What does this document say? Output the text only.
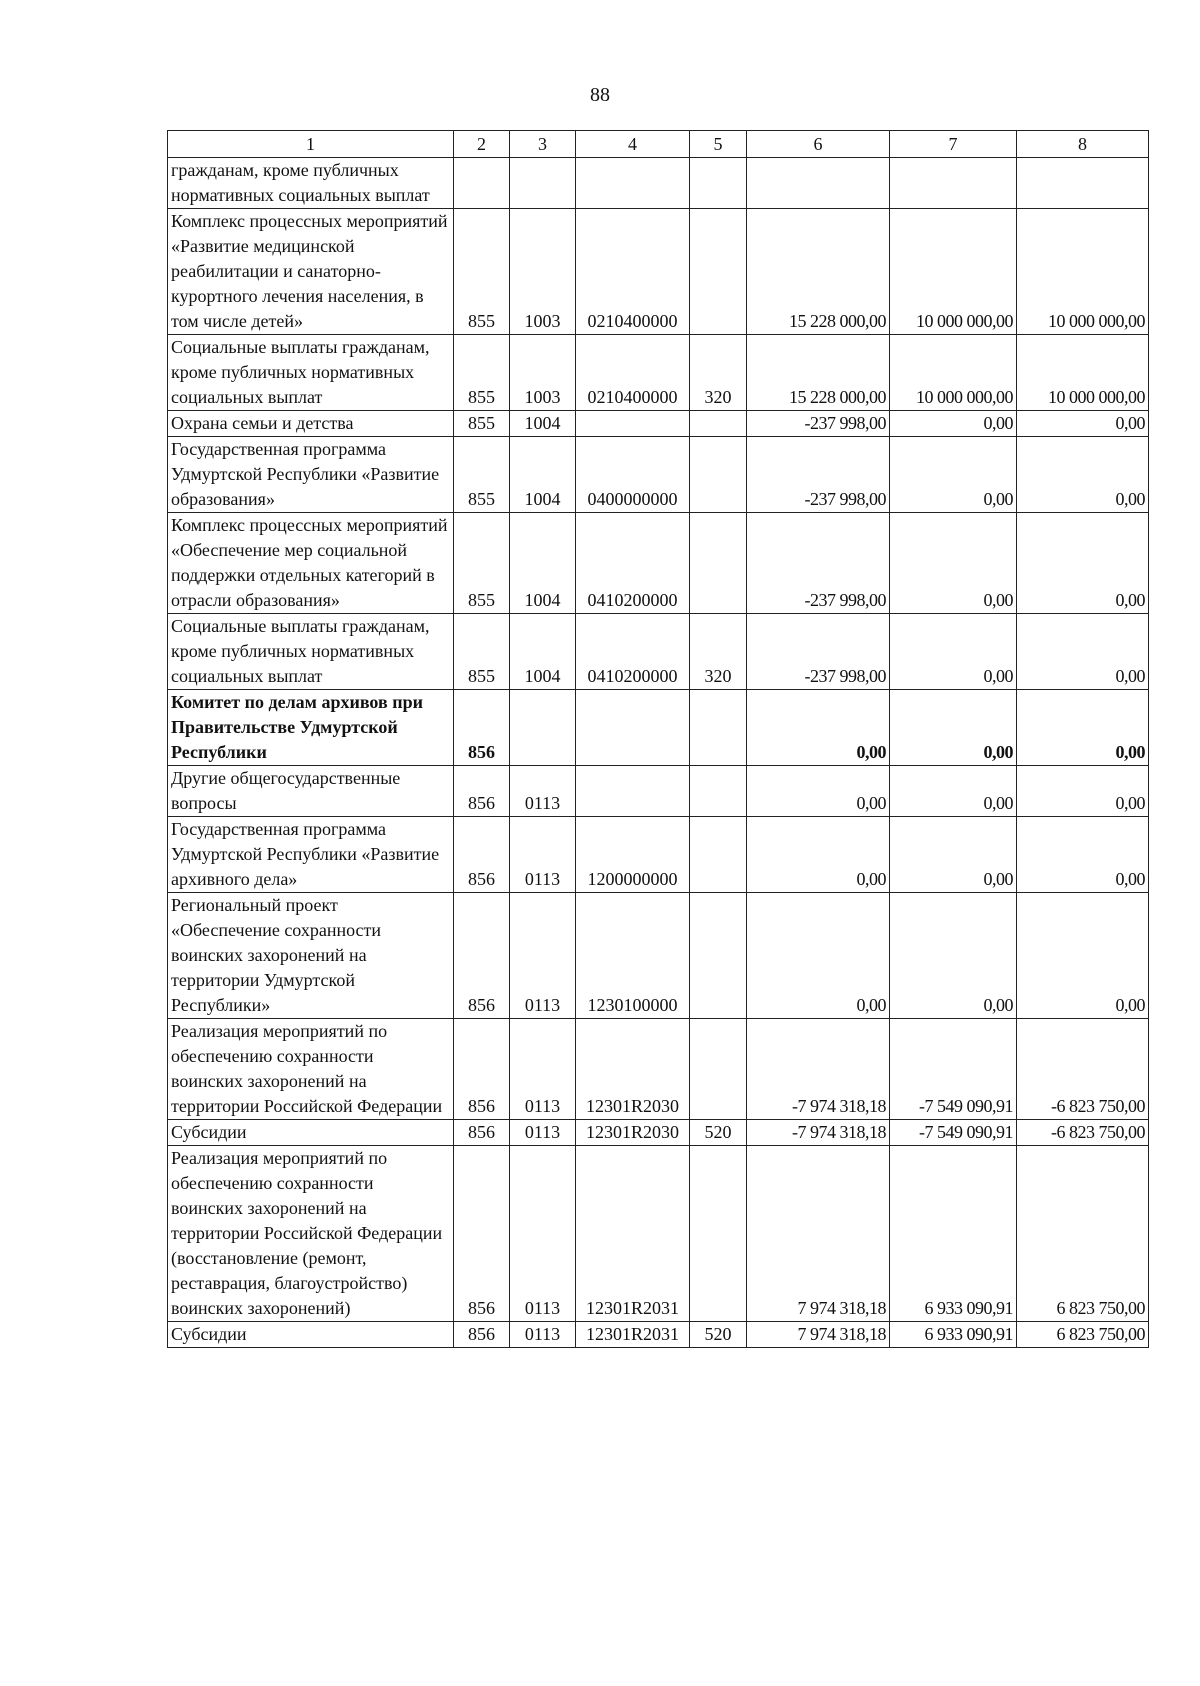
88
1	2	3	4	5	6	7	8
гражданам, кроме публичных нормативных социальных выплат							
Комплекс процессных мероприятий «Развитие медицинской реабилитации и санаторно-курортного лечения населения, в том числе детей»	855	1003	0210400000		15 228 000,00	10 000 000,00	10 000 000,00
Социальные выплаты гражданам, кроме публичных нормативных социальных выплат	855	1003	0210400000	320	15 228 000,00	10 000 000,00	10 000 000,00
Охрана семьи и детства	855	1004			-237 998,00	0,00	0,00
Государственная программа Удмуртской Республики «Развитие образования»	855	1004	0400000000		-237 998,00	0,00	0,00
Комплекс процессных мероприятий «Обеспечение мер социальной поддержки отдельных категорий в отрасли образования»	855	1004	0410200000		-237 998,00	0,00	0,00
Социальные выплаты гражданам, кроме публичных нормативных социальных выплат	855	1004	0410200000	320	-237 998,00	0,00	0,00
Комитет по делам архивов при Правительстве Удмуртской Республики	856				0,00	0,00	0,00
Другие общегосударственные вопросы	856	0113			0,00	0,00	0,00
Государственная программа Удмуртской Республики «Развитие архивного дела»	856	0113	1200000000		0,00	0,00	0,00
Региональный проект «Обеспечение сохранности воинских захоронений на территории Удмуртской Республики»	856	0113	1230100000		0,00	0,00	0,00
Реализация мероприятий по обеспечению сохранности воинских захоронений на территории Российской Федерации	856	0113	12301R2030		-7 974 318,18	-7 549 090,91	-6 823 750,00
Субсидии	856	0113	12301R2030	520	-7 974 318,18	-7 549 090,91	-6 823 750,00
Реализация мероприятий по обеспечению сохранности воинских захоронений на территории Российской Федерации (восстановление (ремонт, реставрация, благоустройство) воинских захоронений)	856	0113	12301R2031		7 974 318,18	6 933 090,91	6 823 750,00
Субсидии	856	0113	12301R2031	520	7 974 318,18	6 933 090,91	6 823 750,00
